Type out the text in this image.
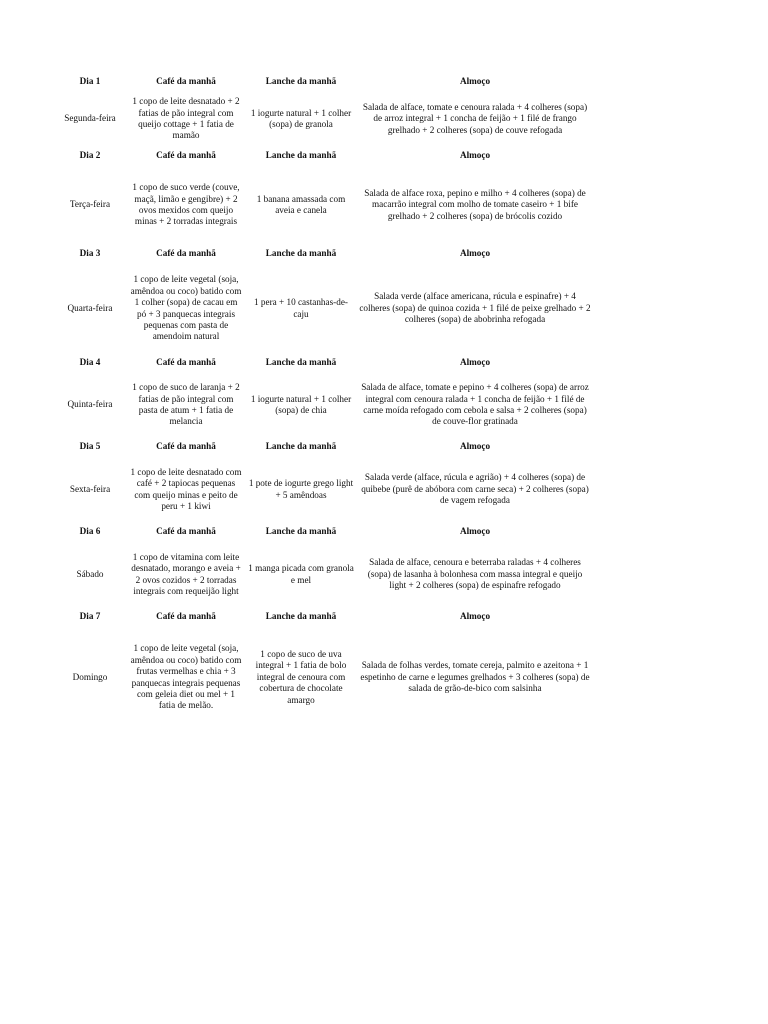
Dia 1	Café da manhã	Lanche da manhã	Almoço
Segunda-feira	1 copo de leite desnatado + 2 fatias de pão integral com queijo cottage + 1 fatia de mamão	1 iogurte natural + 1 colher (sopa) de granola	Salada de alface, tomate e cenoura ralada + 4 colheres (sopa) de arroz integral + 1 concha de feijão + 1 filé de frango grelhado + 2 colheres (sopa) de couve refogada
Dia 2	Café da manhã	Lanche da manhã	Almoço
Terça-feira	1 copo de suco verde (couve, maçã, limão e gengibre) + 2 ovos mexidos com queijo minas + 2 torradas integrais	1 banana amassada com aveia e canela	Salada de alface roxa, pepino e milho + 4 colheres (sopa) de macarrão integral com molho de tomate caseiro + 1 bife grelhado + 2 colheres (sopa) de brócolis cozido
Dia 3	Café da manhã	Lanche da manhã	Almoço
Quarta-feira	1 copo de leite vegetal (soja, amêndoa ou coco) batido com 1 colher (sopa) de cacau em pó + 3 panquecas integrais pequenas com pasta de amendoim natural	1 pera + 10 castanhas-de-caju	Salada verde (alface americana, rúcula e espinafre) + 4 colheres (sopa) de quinoa cozida + 1 filé de peixe grelhado + 2 colheres (sopa) de abobrinha refogada
Dia 4	Café da manhã	Lanche da manhã	Almoço
Quinta-feira	1 copo de suco de laranja + 2 fatias de pão integral com pasta de atum + 1 fatia de melancia	1 iogurte natural + 1 colher (sopa) de chia	Salada de alface, tomate e pepino + 4 colheres (sopa) de arroz integral com cenoura ralada + 1 concha de feijão + 1 filé de carne moída refogado com cebola e salsa + 2 colheres (sopa) de couve-flor gratinada
Dia 5	Café da manhã	Lanche da manhã	Almoço
Sexta-feira	1 copo de leite desnatado com café + 2 tapiocas pequenas com queijo minas e peito de peru + 1 kiwi	1 pote de iogurte grego light + 5 amêndoas	Salada verde (alface, rúcula e agrião) + 4 colheres (sopa) de quibebe (purê de abóbora com carne seca) + 2 colheres (sopa) de vagem refogada
Dia 6	Café da manhã	Lanche da manhã	Almoço
Sábado	1 copo de vitamina com leite desnatado, morango e aveia + 2 ovos cozidos + 2 torradas integrais com requeijão light	1 manga picada com granola e mel	Salada de alface, cenoura e beterraba raladas + 4 colheres (sopa) de lasanha à bolonhesa com massa integral e queijo light + 2 colheres (sopa) de espinafre refogado
Dia 7	Café da manhã	Lanche da manhã	Almoço
Domingo	1 copo de leite vegetal (soja, amêndoa ou coco) batido com frutas vermelhas e chia + 3 panquecas integrais pequenas com geleia diet ou mel + 1 fatia de melão.	1 copo de suco de uva integral + 1 fatia de bolo integral de cenoura com cobertura de chocolate amargo	Salada de folhas verdes, tomate cereja, palmito e azeitona + 1 espetinho de carne e legumes grelhados + 3 colheres (sopa) de salada de grão-de-bico com salsinha
